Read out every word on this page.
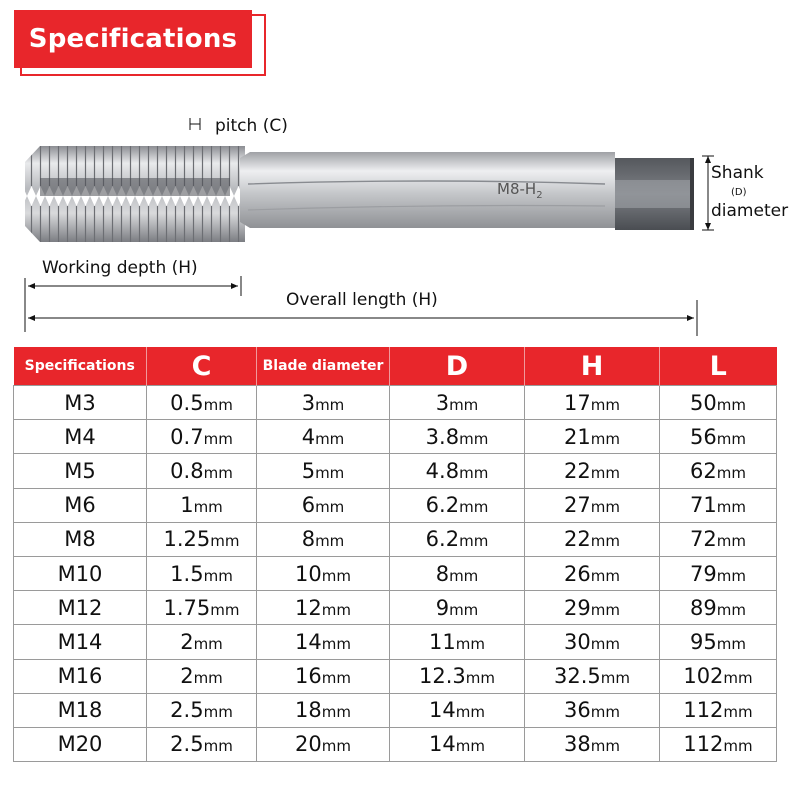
Specifications
pitch (C)
Shank
(D)
diameter
Working depth (H)
Overall length (H)
$M8-H_2$
Specifications	C	Blade diameter	D	H	L
M3	0.5mm	3mm	3mm	17mm	50mm
M4	0.7mm	4mm	3.8mm	21mm	56mm
M5	0.8mm	5mm	4.8mm	22mm	62mm
M6	1mm	6mm	6.2mm	27mm	71mm
M8	1.25mm	8mm	6.2mm	22mm	72mm
M10	1.5mm	10mm	8mm	26mm	79mm
M12	1.75mm	12mm	9mm	29mm	89mm
M14	2mm	14mm	11mm	30mm	95mm
M16	2mm	16mm	12.3mm	32.5mm	102mm
M18	2.5mm	18mm	14mm	36mm	112mm
M20	2.5mm	20mm	14mm	38mm	112mm
